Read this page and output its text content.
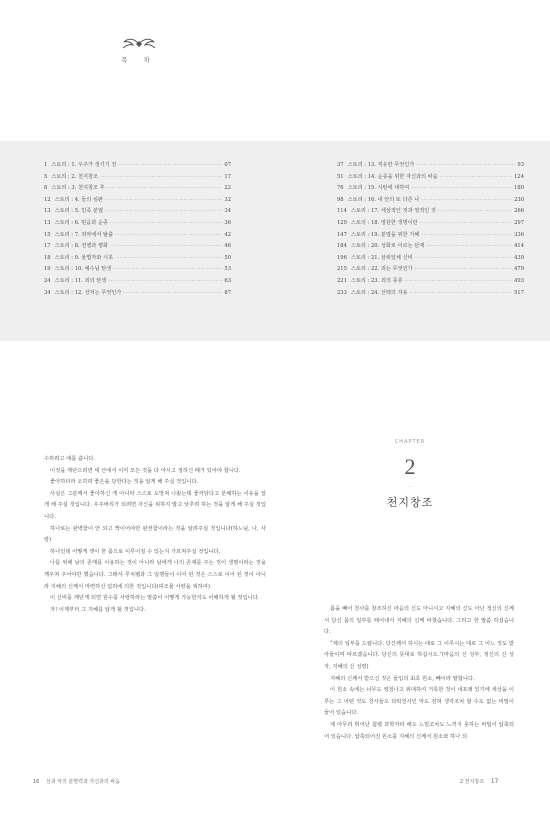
목 차
1 스토리 : 1. 우주가 생기기 전 ·····	07
5 스토리 : 2. 천지창조 ·····	17
8 스토리 : 3. 천지창조 후 ·····	22
12 스토리 : 4. 들의 심판 ·····	32
13 스토리 : 5. 민족 분열 ·····	34
13 스토리 : 6. 믿음과 순종 ·····	36
15 스토리 : 7. 죄악에서 탈출 ·····	42
17 스토리 : 8. 전쟁과 평화 ·····	46
18 스토리 : 9. 율법자와 시초 ·····	50
19 스토리 : 10. 예수님 탄생 ·····	53
24 스토리 : 11. 죄의 탄생 ·····	63
34 스토리 : 12. 상처는 무엇인가 ·····	87
37 스토리 : 13. 직유란 무엇인가 ·····	93
51 스토리 : 14. 순종을 위한 자신과의 싸움 ·····	124
76 스토리 : 15. 사탄에 대하여 ·····	180
98 스토리 : 16. 내 안의 또 다른 나 ·····	230
114 스토리 : 17. 세상적인 것과 영적인 것 ·····	266
129 스토리 : 18. 영원한 생명이란 ·····	297
147 스토리 : 19. 분열을 위한 지혜 ·····	336
184 스토리 : 20. 성화로 이르는 단계 ·····	414
196 스토리 : 21. 삼위일체 신비 ·····	439
215 스토리 : 22. 죄는 무엇인가 ·····	479
221 스토리 : 23. 죄의 종류 ·····	493
233 스토리 : 24. 선택의 자유 ·····	517

수하려고 애를 씁니다.

이것을 깨닫으려면 세 산에서 이미 모든 것을 다 아시고 정하신 때가 있어야 합니다.

좋아하더라 오히려 좋은을 당한다는 것을 알게 해 주실 것입니다.

사실은 그분께서 좋아하신 게 아니라 스스로 도망쳐 나왔는데 좋까닭다고 분해하는 이유을 알게 해 주실 것입니다. 우주버리가 되려면 자신을 위하지 말고 낮추려 하는 것을 알게 해 주실 것입니다.

하나로는 완벽함이 안 되고 짝이어야만 완전함이라는 것을 알려주실 것입니다(하느님, 나, 사랑)

하나인데 어떻게 셋이 한 몸으로 이루어질 수 있는지 가르쳐주실 것입니다.

나를 위해 남의 존재를 이용하는 것이 아니라 남에게 나의 존재를 주는 것이 생명이라는 것을 깨우쳐 주어야만 했습니다. 그래서 루치펠과 그 일행들이 이어 된 것은 스스로 이어 된 것이 아니라 지혜의 신께서 마련하신 섭리에 의한 것입니다(피조물 사랑을 위하여)

이 신비를 깨닫게 되면 원수를 사랑하라는 말씀이 어떻게 가능한지도 이해하게 될 것입니다.

자! 이제부터 그 지혜를 알게 될 것입니다.

CHAPTER
2
·
천지창조

몸을 빼어 천사를 창조하신 마음의 신도 아니시고 지혜의 신도 아닌 정신의 신께서 당신 몸의 일부를 떼어내서 지혜의 신께 바쳤습니다. 그리고 한 말씀 하셨습니다.

“제의 일부를 드립니다. 당신께서 하시는 대로 그 이루시는 대로 그 어느 것도 받아들이며 따르겠습니다. 당신의 뜻대로 하십시오.”(마음의 신 성부, 정신의 신 성자, 지혜의 신 성령)

지혜의 신께서 받으신 것은 들입의 최초 원소, 빼이라 말합니다.

이 원소 속에는 너무도 영청나고 위대하여 거룩한 것이 내포돼 있기에 세상을 이루는 그 어떤 것도 천사들도 타락천사인 악도 전혀 생각조차 할 수도 없는 비밀이 들어 있습니다.

제 아무리 뛰어난 첨렬 과학자라 해도 느낌조차도 느끼지 못하는 비밀이 압축되어 있습니다. 압축되어진 원소를 지혜의 신께서 원소와 하나 되

16 선과 악의 분별력과 자신과의 싸움	2 천지창조 17
